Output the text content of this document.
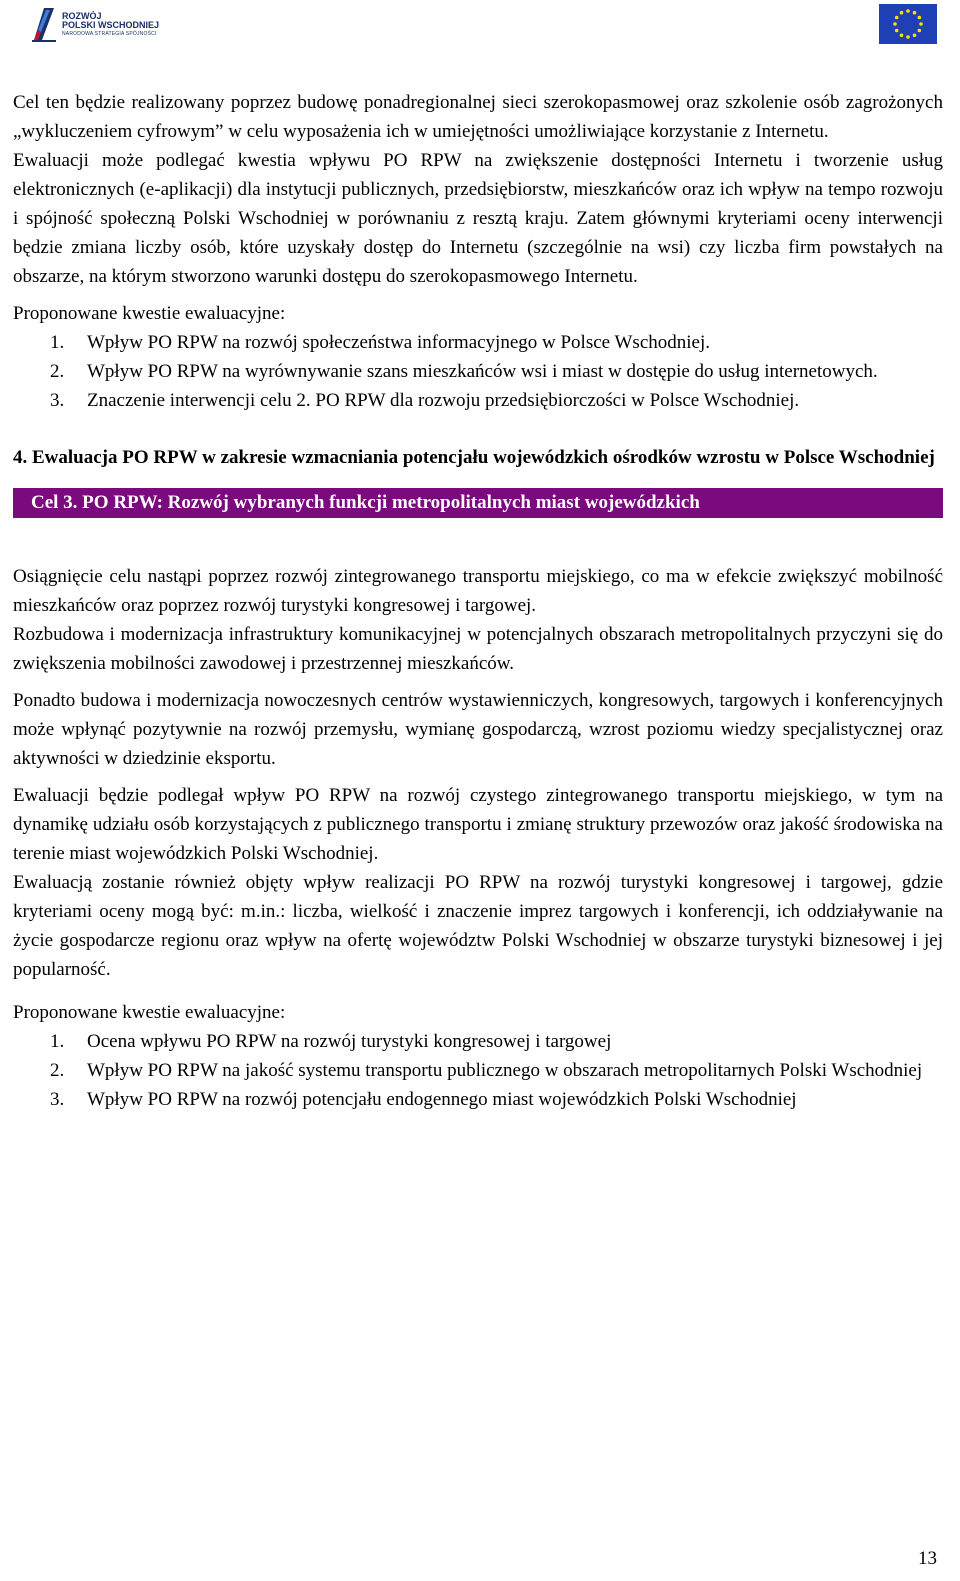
ROZWÓJ
POLSKI WSCHODNIEJ
NARODOWA STRATEGIA SPÓJNOŚCI

Cel ten będzie realizowany poprzez budowę ponadregionalnej sieci szerokopasmowej oraz szkolenie osób zagrożonych „wykluczeniem cyfrowym” w celu wyposażenia ich w umiejętności umożliwiające korzystanie z Internetu.

Ewaluacji może podlegać kwestia wpływu PO RPW na zwiększenie dostępności Internetu i tworzenie usług elektronicznych (e-aplikacji) dla instytucji publicznych, przedsiębiorstw, mieszkańców oraz ich wpływ na tempo rozwoju i spójność społeczną Polski Wschodniej w porównaniu z resztą kraju. Zatem głównymi kryteriami oceny interwencji będzie zmiana liczby osób, które uzyskały dostęp do Internetu (szczególnie na wsi) czy liczba firm powstałych na obszarze, na którym stworzono warunki dostępu do szerokopasmowego Internetu.

Proponowane kwestie ewaluacyjne:

1. Wpływ PO RPW na rozwój społeczeństwa informacyjnego w Polsce Wschodniej.
2. Wpływ PO RPW na wyrównywanie szans mieszkańców wsi i miast w dostępie do usług internetowych.
3. Znaczenie interwencji celu 2. PO RPW dla rozwoju przedsiębiorczości w Polsce Wschodniej.

4. Ewaluacja PO RPW w zakresie wzmacniania potencjału wojewódzkich ośrodków wzrostu w Polsce Wschodniej

Cel 3. PO RPW: Rozwój wybranych funkcji metropolitalnych miast wojewódzkich

Osiągnięcie celu nastąpi poprzez rozwój zintegrowanego transportu miejskiego, co ma w efekcie zwiększyć mobilność mieszkańców oraz poprzez rozwój turystyki kongresowej i targowej.

Rozbudowa i modernizacja infrastruktury komunikacyjnej w potencjalnych obszarach metropolitalnych przyczyni się do zwiększenia mobilności zawodowej i przestrzennej mieszkańców.

Ponadto budowa i modernizacja nowoczesnych centrów wystawienniczych, kongresowych, targowych i konferencyjnych może wpłynąć pozytywnie na rozwój przemysłu, wymianę gospodarczą, wzrost poziomu wiedzy specjalistycznej oraz aktywności w dziedzinie eksportu.

Ewaluacji będzie podlegał wpływ PO RPW na rozwój czystego zintegrowanego transportu miejskiego, w tym na dynamikę udziału osób korzystających z publicznego transportu i zmianę struktury przewozów oraz jakość środowiska na terenie miast wojewódzkich Polski Wschodniej.

Ewaluacją zostanie również objęty wpływ realizacji PO RPW na rozwój turystyki kongresowej i targowej, gdzie kryteriami oceny mogą być: m.in.: liczba, wielkość i znaczenie imprez targowych i konferencji, ich oddziaływanie na życie gospodarcze regionu oraz wpływ na ofertę województw Polski Wschodniej w obszarze turystyki biznesowej i jej popularność.

Proponowane kwestie ewaluacyjne:

1. Ocena wpływu PO RPW na rozwój turystyki kongresowej i targowej
2. Wpływ PO RPW na jakość systemu transportu publicznego w obszarach metropolitarnych Polski Wschodniej
3. Wpływ PO RPW na rozwój potencjału endogennego miast wojewódzkich Polski Wschodniej
13
